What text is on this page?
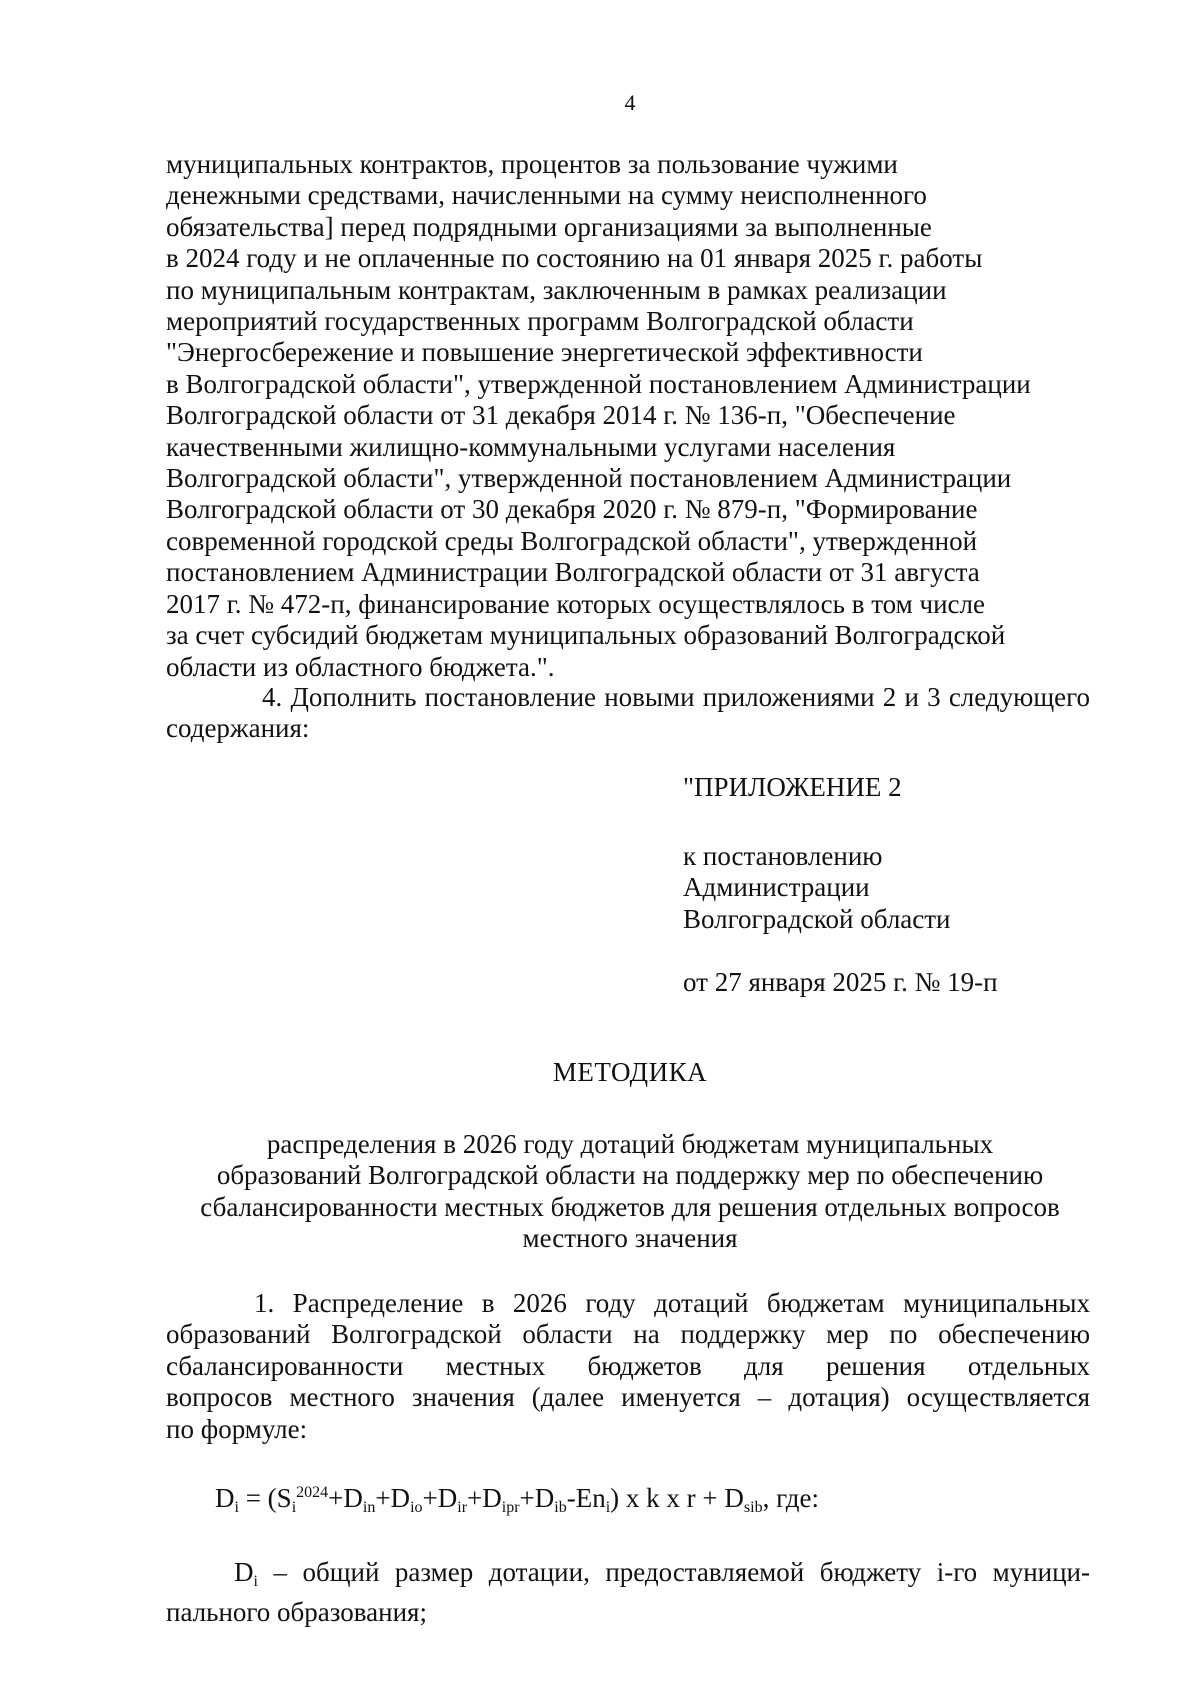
4
муниципальных контрактов, процентов за пользование чужими
денежными средствами, начисленными на сумму неисполненного
обязательства] перед подрядными организациями за выполненные
в 2024 году и не оплаченные по состоянию на 01 января 2025 г. работы
по муниципальным контрактам, заключенным в рамках реализации
мероприятий государственных программ Волгоградской области
"Энергосбережение и повышение энергетической эффективности
в Волгоградской области", утвержденной постановлением Администрации
Волгоградской области от 31 декабря 2014 г. № 136-п, "Обеспечение
качественными жилищно-коммунальными услугами населения
Волгоградской области", утвержденной постановлением Администрации
Волгоградской области от 30 декабря 2020 г. № 879-п, "Формирование
современной городской среды Волгоградской области", утвержденной
постановлением Администрации Волгоградской области от 31 августа
2017 г. № 472-п, финансирование которых осуществлялось в том числе
за счет субсидий бюджетам муниципальных образований Волгоградской
области из областного бюджета.".
4. Дополнить постановление новыми приложениями 2 и 3 следующего
содержания:
"ПРИЛОЖЕНИЕ 2
к постановлению
Администрации
Волгоградской области
от 27 января 2025 г. № 19-п
МЕТОДИКА
распределения в 2026 году дотаций бюджетам муниципальных
образований Волгоградской области на поддержку мер по обеспечению
сбалансированности местных бюджетов для решения отдельных вопросов
местного значения
1. Распределение в 2026 году дотаций бюджетам муниципальных
образований Волгоградской области на поддержку мер по обеспечению
сбалансированности местных бюджетов для решения отдельных
вопросов местного значения (далее именуется – дотация) осуществляется
по формуле:
$D_i = (S_i^{2024}+D_{in}+D_{io}+D_{ir}+D_{ipr}+D_{ib}-En_i)$ x k x $r + D_{sib}$, где:
$D_i$ – общий размер дотации, предоставляемой бюджету i-го муници-
пального образования;
